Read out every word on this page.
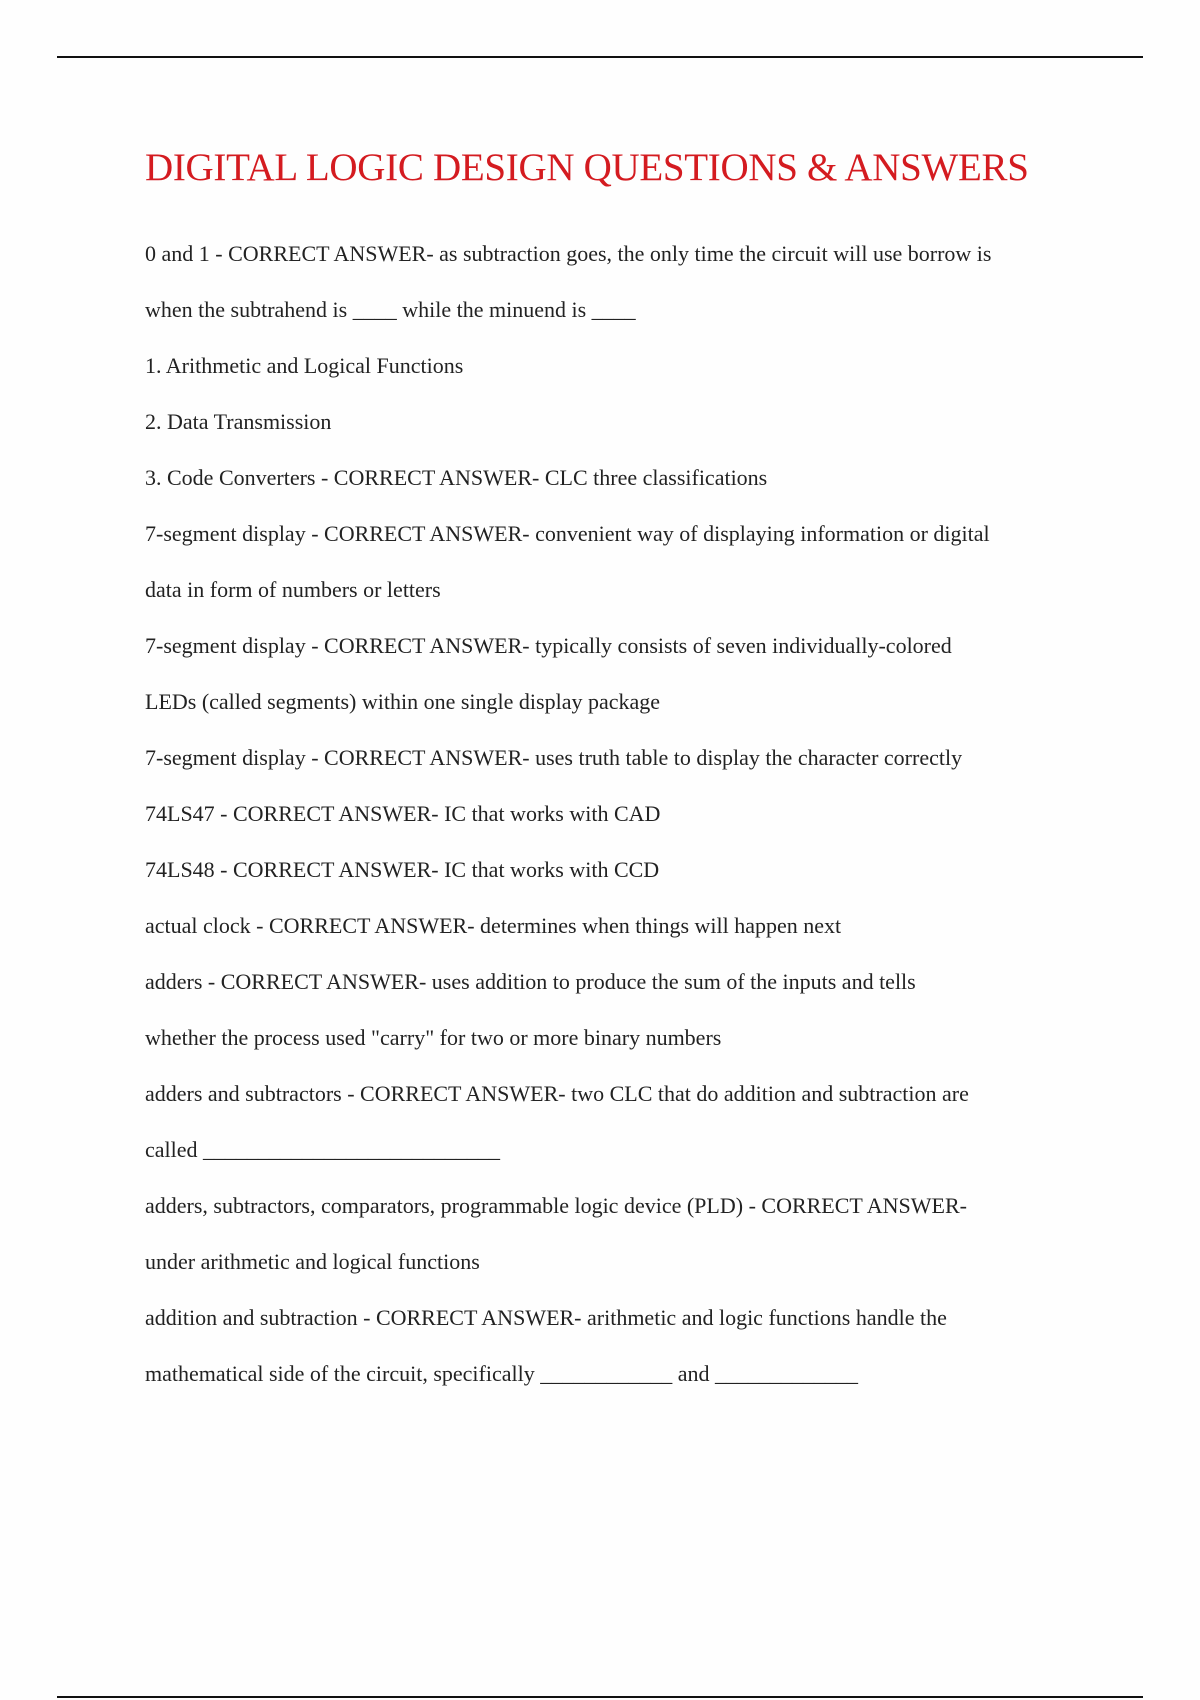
DIGITAL LOGIC DESIGN QUESTIONS & ANSWERS
0 and 1 - CORRECT ANSWER- as subtraction goes, the only time the circuit will use borrow is
when the subtrahend is ____ while the minuend is ____
1. Arithmetic and Logical Functions
2. Data Transmission
3. Code Converters - CORRECT ANSWER- CLC three classifications
7-segment display - CORRECT ANSWER- convenient way of displaying information or digital
data in form of numbers or letters
7-segment display - CORRECT ANSWER- typically consists of seven individually-colored
LEDs (called segments) within one single display package
7-segment display - CORRECT ANSWER- uses truth table to display the character correctly
74LS47 - CORRECT ANSWER- IC that works with CAD
74LS48 - CORRECT ANSWER- IC that works with CCD
actual clock - CORRECT ANSWER- determines when things will happen next
adders - CORRECT ANSWER- uses addition to produce the sum of the inputs and tells
whether the process used "carry" for two or more binary numbers
adders and subtractors - CORRECT ANSWER- two CLC that do addition and subtraction are
called ___________________________
adders, subtractors, comparators, programmable logic device (PLD) - CORRECT ANSWER-
under arithmetic and logical functions
addition and subtraction - CORRECT ANSWER- arithmetic and logic functions handle the
mathematical side of the circuit, specifically ____________ and _____________
